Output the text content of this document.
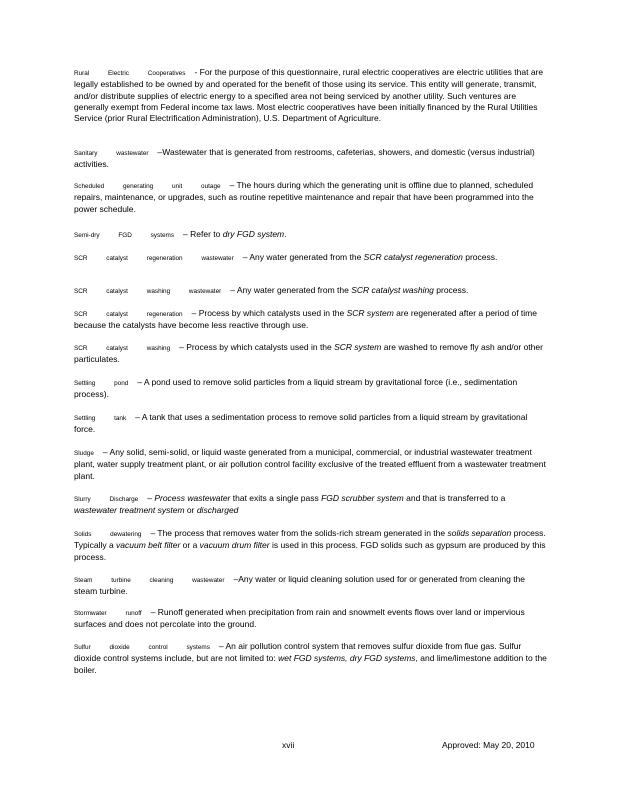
Rural Electric Cooperatives - For the purpose of this questionnaire, rural electric cooperatives are electric utilities that are legally established to be owned by and operated for the benefit of those using its service. This entity will generate, transmit, and/or distribute supplies of electric energy to a specified area not being serviced by another utility. Such ventures are generally exempt from Federal income tax laws. Most electric cooperatives have been initially financed by the Rural Utilities Service (prior Rural Electrification Administration), U.S. Department of Agriculture.

Sanitary wastewater –Wastewater that is generated from restrooms, cafeterias, showers, and domestic (versus industrial) activities.

Scheduled generating unit outage – The hours during which the generating unit is offline due to planned, scheduled repairs, maintenance, or upgrades, such as routine repetitive maintenance and repair that have been programmed into the power schedule.

Semi-dry FGD systems – Refer to dry FGD system.

SCR catalyst regeneration wastewater – Any water generated from the SCR catalyst regeneration process.

SCR catalyst washing wastewater – Any water generated from the SCR catalyst washing process.

SCR catalyst regeneration – Process by which catalysts used in the SCR system are regenerated after a period of time because the catalysts have become less reactive through use.

SCR catalyst washing – Process by which catalysts used in the SCR system are washed to remove fly ash and/or other particulates.

Settling pond – A pond used to remove solid particles from a liquid stream by gravitational force (i.e., sedimentation process).

Settling tank – A tank that uses a sedimentation process to remove solid particles from a liquid stream by gravitational force.

Sludge – Any solid, semi-solid, or liquid waste generated from a municipal, commercial, or industrial wastewater treatment plant, water supply treatment plant, or air pollution control facility exclusive of the treated effluent from a wastewater treatment plant.

Slurry Discharge – Process wastewater that exits a single pass FGD scrubber system and that is transferred to a wastewater treatment system or discharged

Solids dewatering – The process that removes water from the solids-rich stream generated in the solids separation process. Typically a vacuum belt filter or a vacuum drum filter is used in this process. FGD solids such as gypsum are produced by this process.

Steam turbine cleaning wastewater –Any water or liquid cleaning solution used for or generated from cleaning the steam turbine.

Stormwater runoff – Runoff generated when precipitation from rain and snowmelt events flows over land or impervious surfaces and does not percolate into the ground.

Sulfur dioxide control systems – An air pollution control system that removes sulfur dioxide from flue gas. Sulfur dioxide control systems include, but are not limited to: wet FGD systems, dry FGD systems, and lime/limestone addition to the boiler.

xvii	Approved: May 20, 2010
